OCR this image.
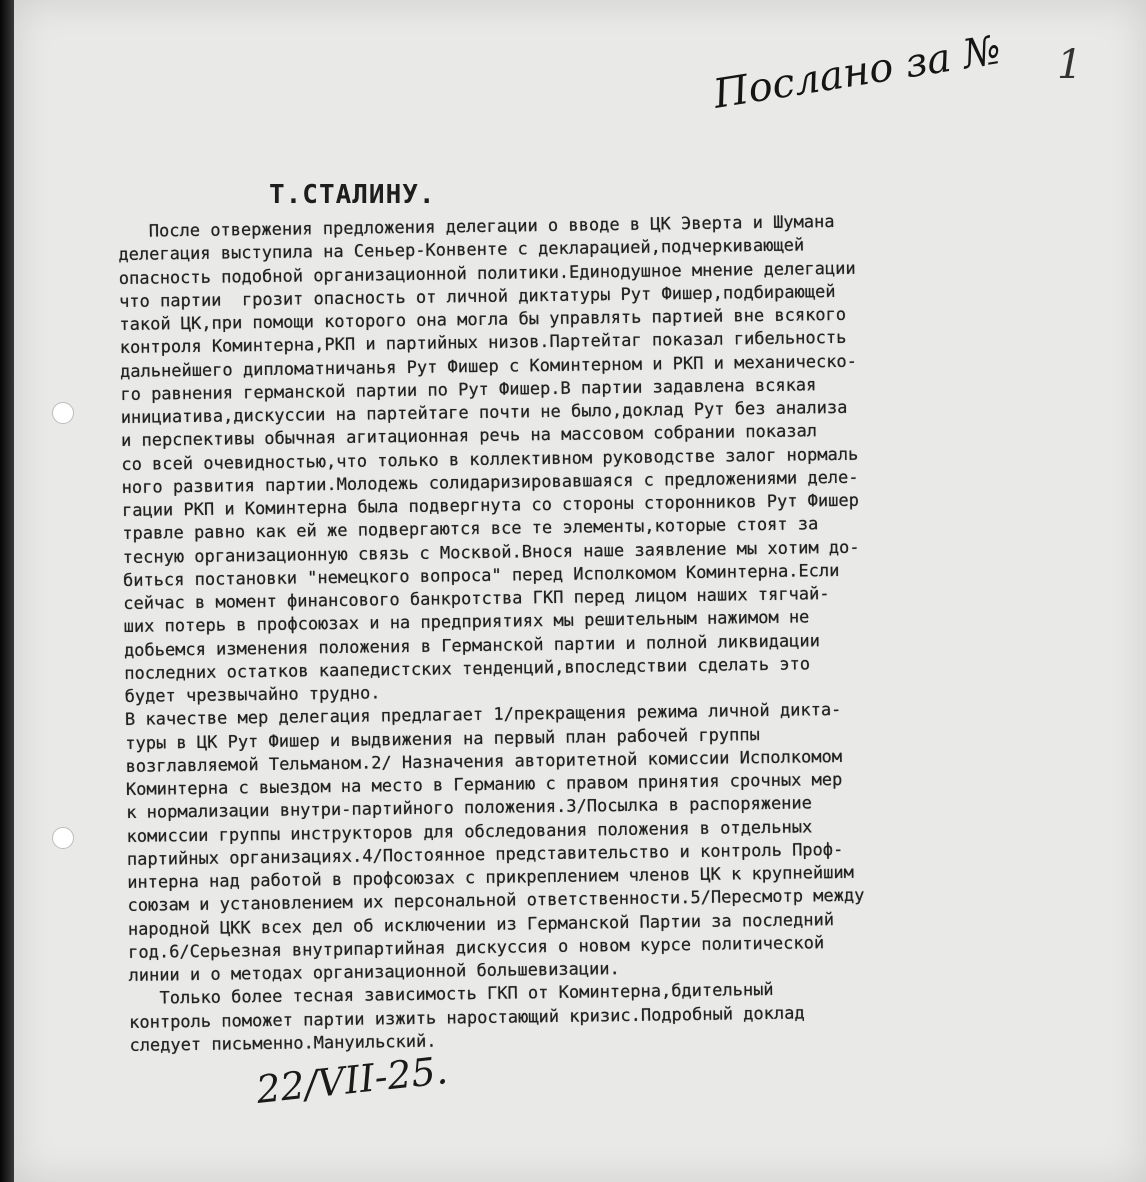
1
Послано за №
Т.СТАЛИНУ.
После отвержения предложения делегации о вводе в ЦК Эверта и Шумана
делегация выступила на Сеньер-Конвенте с декларацией,подчеркивающей
опасность подобной организационной политики.Единодушное мнение делегации
что партии  грозит опасность от личной диктатуры Рут Фишер,подбирающей
такой ЦК,при помощи которого она могла бы управлять партией вне всякого
контроля Коминтерна,РКП и партийных низов.Партейтаг показал гибельность
дальнейшего дипломатничанья Рут Фишер с Коминтерном и РКП и механическо-
го равнения германской партии по Рут Фишер.В партии задавлена всякая
инициатива,дискуссии на партейтаге почти не было,доклад Рут без анализа
и перспективы обычная агитационная речь на массовом собрании показал
со всей очевидностью,что только в коллективном руководстве залог нормаль
ного развития партии.Молодежь солидаризировавшаяся с предложениями деле-
гации РКП и Коминтерна была подвергнута со стороны сторонников Рут Фишер
травле равно как ей же подвергаются все те элементы,которые стоят за
тесную организационную связь с Москвой.Внося наше заявление мы хотим до-
биться постановки "немецкого вопроса" перед Исполкомом Коминтерна.Если
сейчас в момент финансового банкротства ГКП перед лицом наших тягчай-
ших потерь в профсоюзах и на предприятиях мы решительным нажимом не
добьемся изменения положения в Германской партии и полной ликвидации
последних остатков каапедистских тенденций,впоследствии сделать это
будет чрезвычайно трудно.
В качестве мер делегация предлагает 1/прекращения режима личной дикта-
туры в ЦК Рут Фишер и выдвижения на первый план рабочей группы
возглавляемой Тельманом.2/ Назначения авторитетной комиссии Исполкомом
Коминтерна с выездом на место в Германию с правом принятия срочных мер
к нормализации внутри-партийного положения.3/Посылка в распоряжение
комиссии группы инструкторов для обследования положения в отдельных
партийных организациях.4/Постоянное представительство и контроль Проф-
интерна над работой в профсоюзах с прикреплением членов ЦК к крупнейшим
союзам и установлением их персональной ответственности.5/Пересмотр между
народной ЦКК всех дел об исключении из Германской Партии за последний
год.6/Серьезная внутрипартийная дискуссия о новом курсе политической
линии и о методах организационной большевизации.
Только более тесная зависимость ГКП от Коминтерна,бдительный
контроль поможет партии изжить наростающий кризис.Подробный доклад
следует письменно.Мануильский.

22/VII-25.
